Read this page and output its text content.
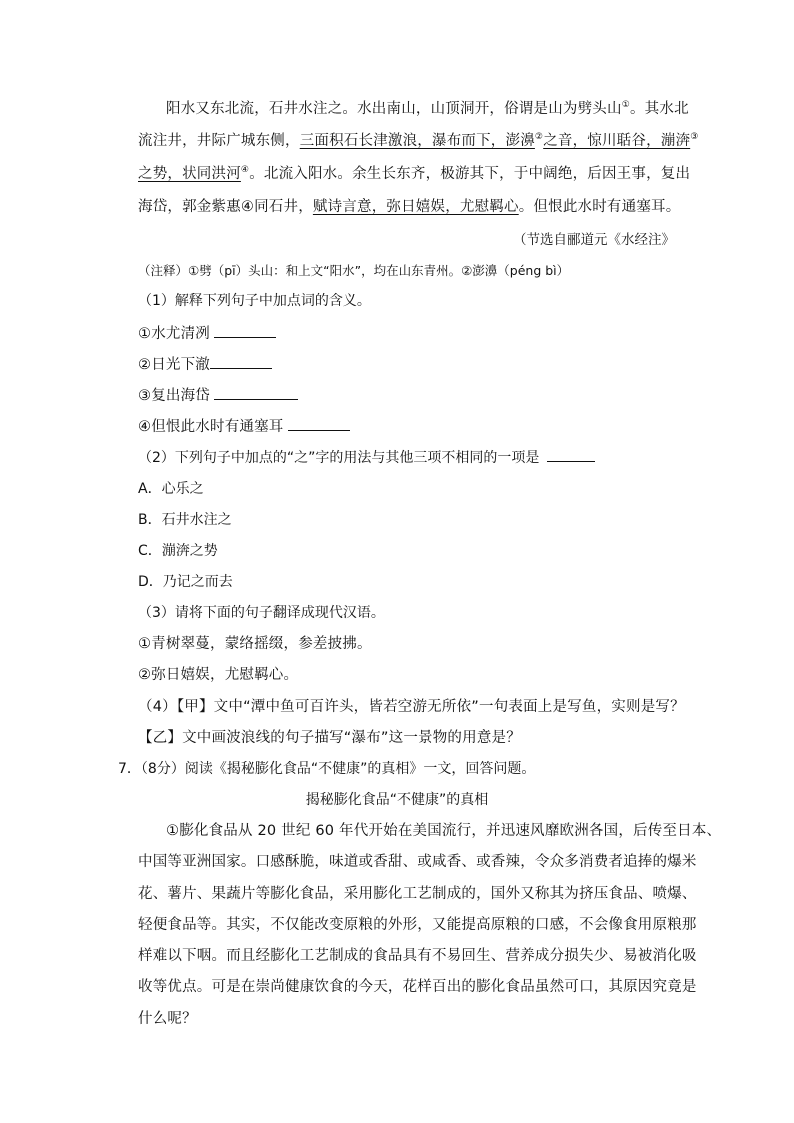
阳水又东北流，石井水注之。水出南山，山顶洞开，俗谓是山为劈头山①。其水北
流注井，井际广城东侧，三面积石长津激浪，瀑布而下，澎濞②之音，惊川聒谷，漰渀③
之势，状同洪河④。北流入阳水。余生长东齐，极游其下，于中阔绝，后因王事，复出
海岱，郭金紫惠④同石井，赋诗言意，弥日嬉娱，尤慰羁心。但恨此水时有通塞耳。
（节选自郦道元《水经注》
（注释）①劈（pī）头山：和上文“阳水”，均在山东青州。②澎濞（péng bì）
（1）解释下列句子中加点词的含义。
①水尤清冽
②日光下澈
③复出海岱
④但恨此水时有通塞耳
（2）下列句子中加点的“之”字的用法与其他三项不相同的一项是
A．心乐之
B．石井水注之
C．漰渀之势
D．乃记之而去
（3）请将下面的句子翻译成现代汉语。
①青树翠蔓，蒙络摇缀，参差披拂。
②弥日嬉娱，尤慰羁心。
（4）【甲】文中“潭中鱼可百许头，皆若空游无所依”一句表面上是写鱼，实则是写？
【乙】文中画波浪线的句子描写“瀑布”这一景物的用意是？
7．（8分）阅读《揭秘膨化食品“不健康”的真相》一文，回答问题。
揭秘膨化食品“不健康”的真相
①膨化食品从 20 世纪 60 年代开始在美国流行，并迅速风靡欧洲各国，后传至日本、
中国等亚洲国家。口感酥脆，味道或香甜、或咸香、或香辣，令众多消费者追捧的爆米
花、薯片、果蔬片等膨化食品，采用膨化工艺制成的，国外又称其为挤压食品、喷爆、
轻便食品等。其实，不仅能改变原粮的外形，又能提高原粮的口感，不会像食用原粮那
样难以下咽。而且经膨化工艺制成的食品具有不易回生、营养成分损失少、易被消化吸
收等优点。可是在崇尚健康饮食的今天，花样百出的膨化食品虽然可口，其原因究竟是
什么呢？
